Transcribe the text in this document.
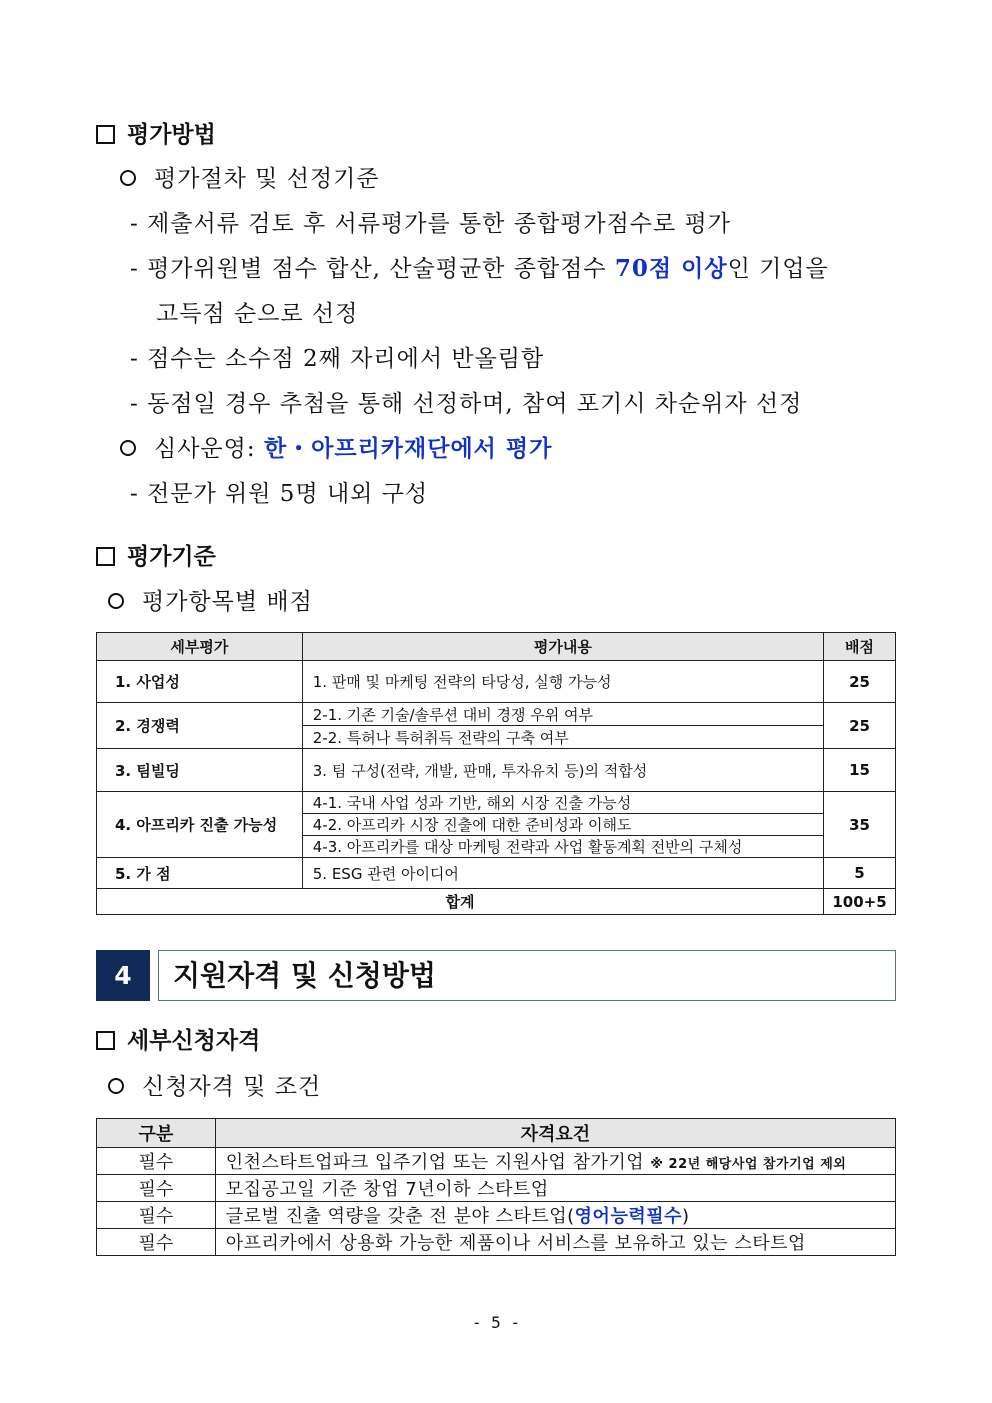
평가방법
평가절차 및 선정기준
- 제출서류 검토 후 서류평가를 통한 종합평가점수로 평가
- 평가위원별 점수 합산, 산술평균한 종합점수 70점 이상인 기업을
고득점 순으로 선정
- 점수는 소수점 2째 자리에서 반올림함
- 동점일 경우 추첨을 통해 선정하며, 참여 포기시 차순위자 선정
심사운영: 한・아프리카재단에서 평가
- 전문가 위원 5명 내외 구성
평가기준
평가항목별 배점
세부평가	평가내용	배점
1. 사업성	1. 판매 및 마케팅 전략의 타당성, 실행 가능성	25
2. 경쟁력	2-1. 기존 기술/솔루션 대비 경쟁 우위 여부	25
	2-2. 특허나 특허취득 전략의 구축 여부	
3. 팀빌딩	3. 팀 구성(전략, 개발, 판매, 투자유치 등)의 적합성	15
4. 아프리카 진출 가능성	4-1. 국내 사업 성과 기반, 해외 시장 진출 가능성	35
	4-2. 아프리카 시장 진출에 대한 준비성과 이해도	
	4-3. 아프리카를 대상 마케팅 전략과 사업 활동계획 전반의 구체성	
5. 가 점	5. ESG 관련 아이디어	5
합계		100+5
4	지원자격 및 신청방법
세부신청자격
신청자격 및 조건
구분	자격요건
필수	인천스타트업파크 입주기업 또는 지원사업 참가기업 ※ 22년 해당사업 참가기업 제외
필수	모집공고일 기준 창업 7년이하 스타트업
필수	글로벌 진출 역량을 갖춘 전 분야 스타트업(영어능력필수)
필수	아프리카에서 상용화 가능한 제품이나 서비스를 보유하고 있는 스타트업
- 5 -
